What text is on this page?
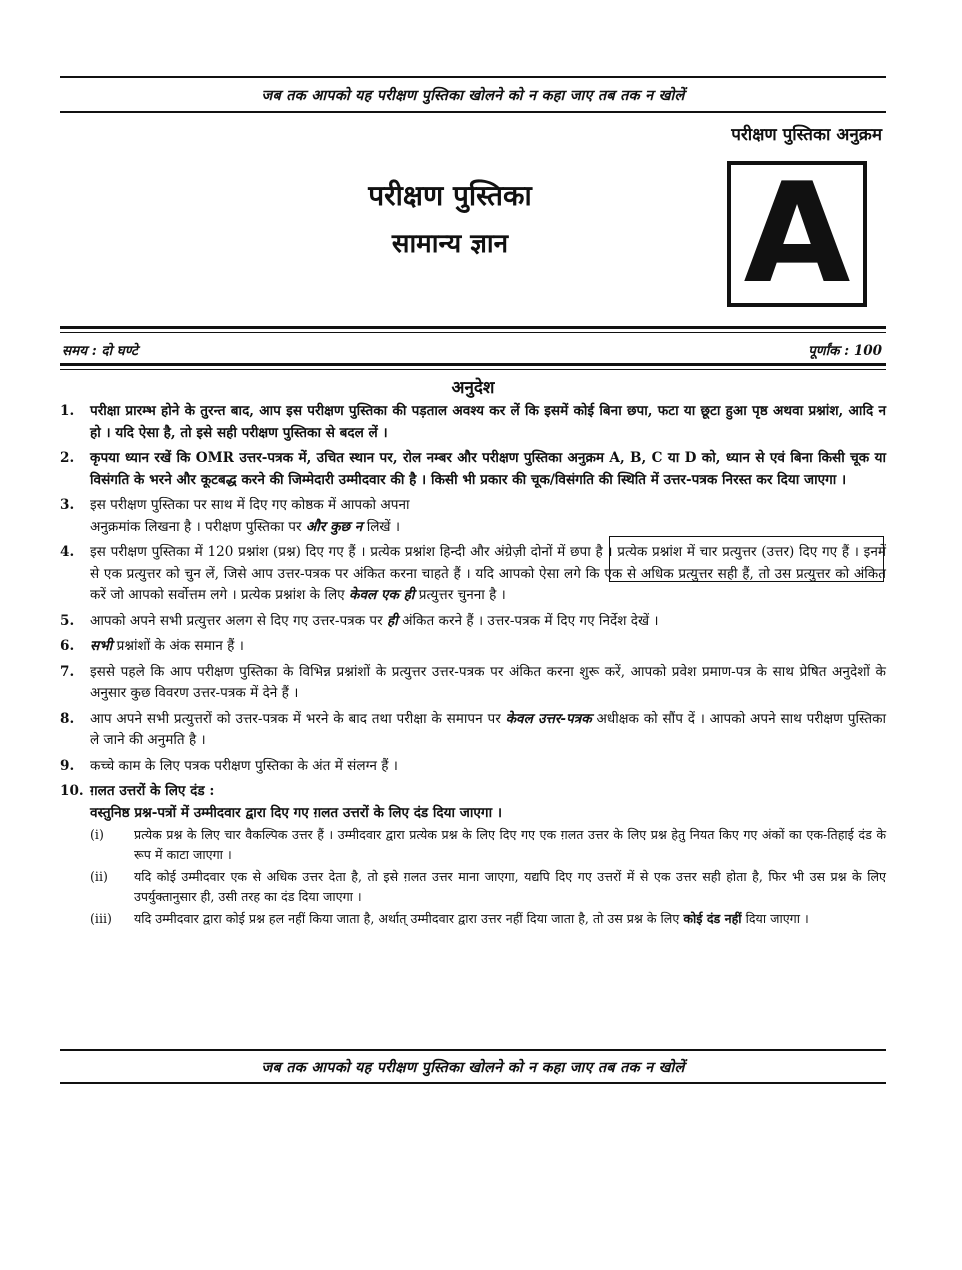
जब तक आपको यह परीक्षण पुस्तिका खोलने को न कहा जाए तब तक न खोलें
परीक्षण पुस्तिका अनुक्रम
परीक्षण पुस्तिका
सामान्य ज्ञान	A
समय : दो घण्टे	पूर्णांक : 100
अनुदेश
1.	परीक्षा प्रारम्भ होने के तुरन्त बाद, आप इस परीक्षण पुस्तिका की पड़ताल अवश्य कर लें कि इसमें कोई बिना छपा, फटा या छूटा हुआ पृष्ठ अथवा प्रश्नांश, आदि न हो । यदि ऐसा है, तो इसे सही परीक्षण पुस्तिका से बदल लें ।
2.	कृपया ध्यान रखें कि OMR उत्तर-पत्रक में, उचित स्थान पर, रोल नम्बर और परीक्षण पुस्तिका अनुक्रम A, B, C या D को, ध्यान से एवं बिना किसी चूक या विसंगति के भरने और कूटबद्ध करने की जिम्मेदारी उम्मीदवार की है । किसी भी प्रकार की चूक/विसंगति की स्थिति में उत्तर-पत्रक निरस्त कर दिया जाएगा ।
3.	इस परीक्षण पुस्तिका पर साथ में दिए गए कोष्ठक में आपको अपना
अनुक्रमांक लिखना है । परीक्षण पुस्तिका पर और कुछ न लिखें ।
4.	इस परीक्षण पुस्तिका में 120 प्रश्नांश (प्रश्न) दिए गए हैं । प्रत्येक प्रश्नांश हिन्दी और अंग्रेज़ी दोनों में छपा है । प्रत्येक प्रश्नांश में चार प्रत्युत्तर (उत्तर) दिए गए हैं । इनमें से एक प्रत्युत्तर को चुन लें, जिसे आप उत्तर-पत्रक पर अंकित करना चाहते हैं । यदि आपको ऐसा लगे कि एक से अधिक प्रत्युत्तर सही हैं, तो उस प्रत्युत्तर को अंकित करें जो आपको सर्वोत्तम लगे । प्रत्येक प्रश्नांश के लिए केवल एक ही प्रत्युत्तर चुनना है ।
5.	आपको अपने सभी प्रत्युत्तर अलग से दिए गए उत्तर-पत्रक पर ही अंकित करने हैं । उत्तर-पत्रक में दिए गए निर्देश देखें ।
6.	सभी प्रश्नांशों के अंक समान हैं ।
7.	इससे पहले कि आप परीक्षण पुस्तिका के विभिन्न प्रश्नांशों के प्रत्युत्तर उत्तर-पत्रक पर अंकित करना शुरू करें, आपको प्रवेश प्रमाण-पत्र के साथ प्रेषित अनुदेशों के अनुसार कुछ विवरण उत्तर-पत्रक में देने हैं ।
8.	आप अपने सभी प्रत्युत्तरों को उत्तर-पत्रक में भरने के बाद तथा परीक्षा के समापन पर केवल उत्तर-पत्रक अधीक्षक को सौंप दें । आपको अपने साथ परीक्षण पुस्तिका ले जाने की अनुमति है ।
9.	कच्चे काम के लिए पत्रक परीक्षण पुस्तिका के अंत में संलग्न हैं ।
10. ग़लत उत्तरों के लिए दंड :
वस्तुनिष्ठ प्रश्न-पत्रों में उम्मीदवार द्वारा दिए गए ग़लत उत्तरों के लिए दंड दिया जाएगा ।
(i)	प्रत्येक प्रश्न के लिए चार वैकल्पिक उत्तर हैं । उम्मीदवार द्वारा प्रत्येक प्रश्न के लिए दिए गए एक ग़लत उत्तर के लिए प्रश्न हेतु नियत किए गए अंकों का एक-तिहाई दंड के रूप में काटा जाएगा ।
(ii)	यदि कोई उम्मीदवार एक से अधिक उत्तर देता है, तो इसे ग़लत उत्तर माना जाएगा, यद्यपि दिए गए उत्तरों में से एक उत्तर सही होता है, फिर भी उस प्रश्न के लिए उपर्युक्तानुसार ही, उसी तरह का दंड दिया जाएगा ।
(iii)	यदि उम्मीदवार द्वारा कोई प्रश्न हल नहीं किया जाता है, अर्थात् उम्मीदवार द्वारा उत्तर नहीं दिया जाता है, तो उस प्रश्न के लिए कोई दंड नहीं दिया जाएगा ।
जब तक आपको यह परीक्षण पुस्तिका खोलने को न कहा जाए तब तक न खोलें
